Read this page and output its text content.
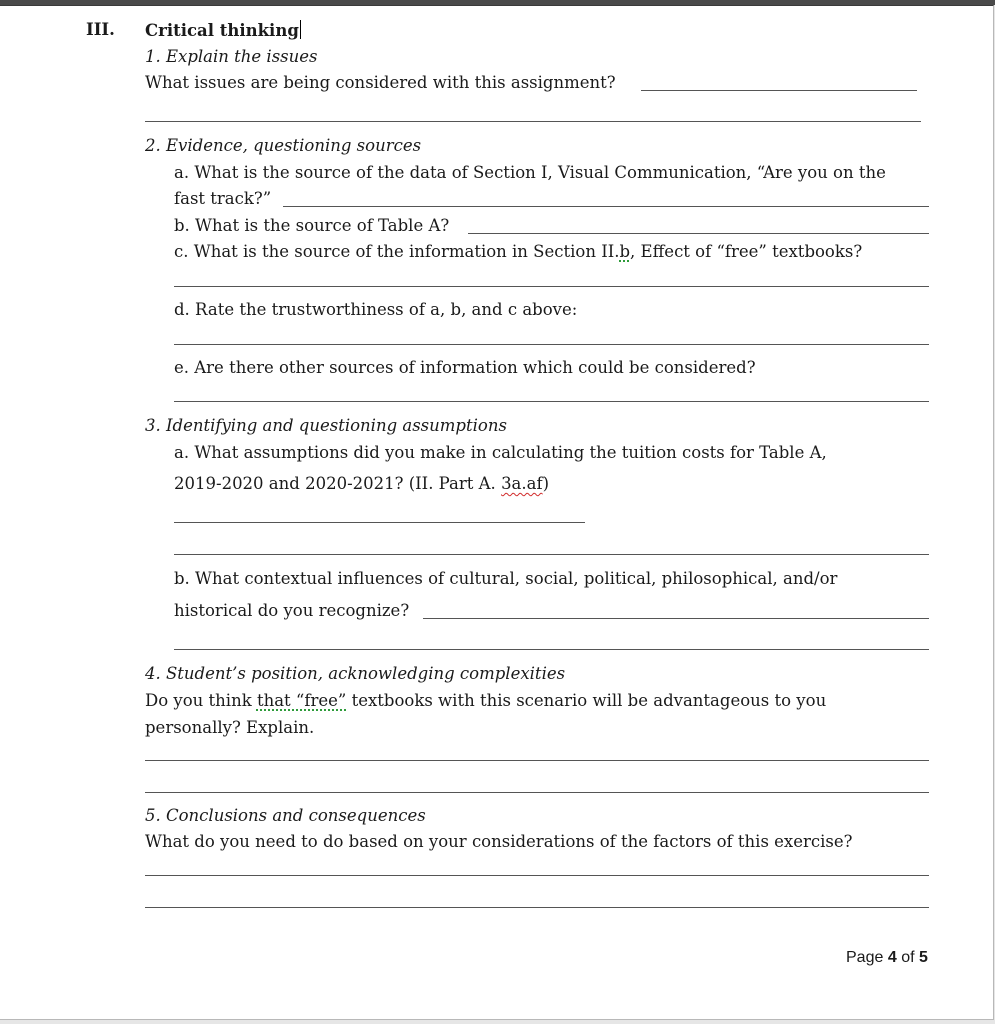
III. Critical thinking
1. Explain the issues
What issues are being considered with this assignment?
2. Evidence, questioning sources
a. What is the source of the data of Section I, Visual Communication, “Are you on the
fast track?”
b. What is the source of Table A?
c. What is the source of the information in Section II.b, Effect of “free” textbooks?
d. Rate the trustworthiness of a, b, and c above:
e. Are there other sources of information which could be considered?
3. Identifying and questioning assumptions
a. What assumptions did you make in calculating the tuition costs for Table A,
2019-2020 and 2020-2021? (II. Part A. 3a.af)
b. What contextual influences of cultural, social, political, philosophical, and/or
historical do you recognize?
4. Student’s position, acknowledging complexities
Do you think that “free” textbooks with this scenario will be advantageous to you
personally? Explain.
5. Conclusions and consequences
What do you need to do based on your considerations of the factors of this exercise?
Page 4 of 5
